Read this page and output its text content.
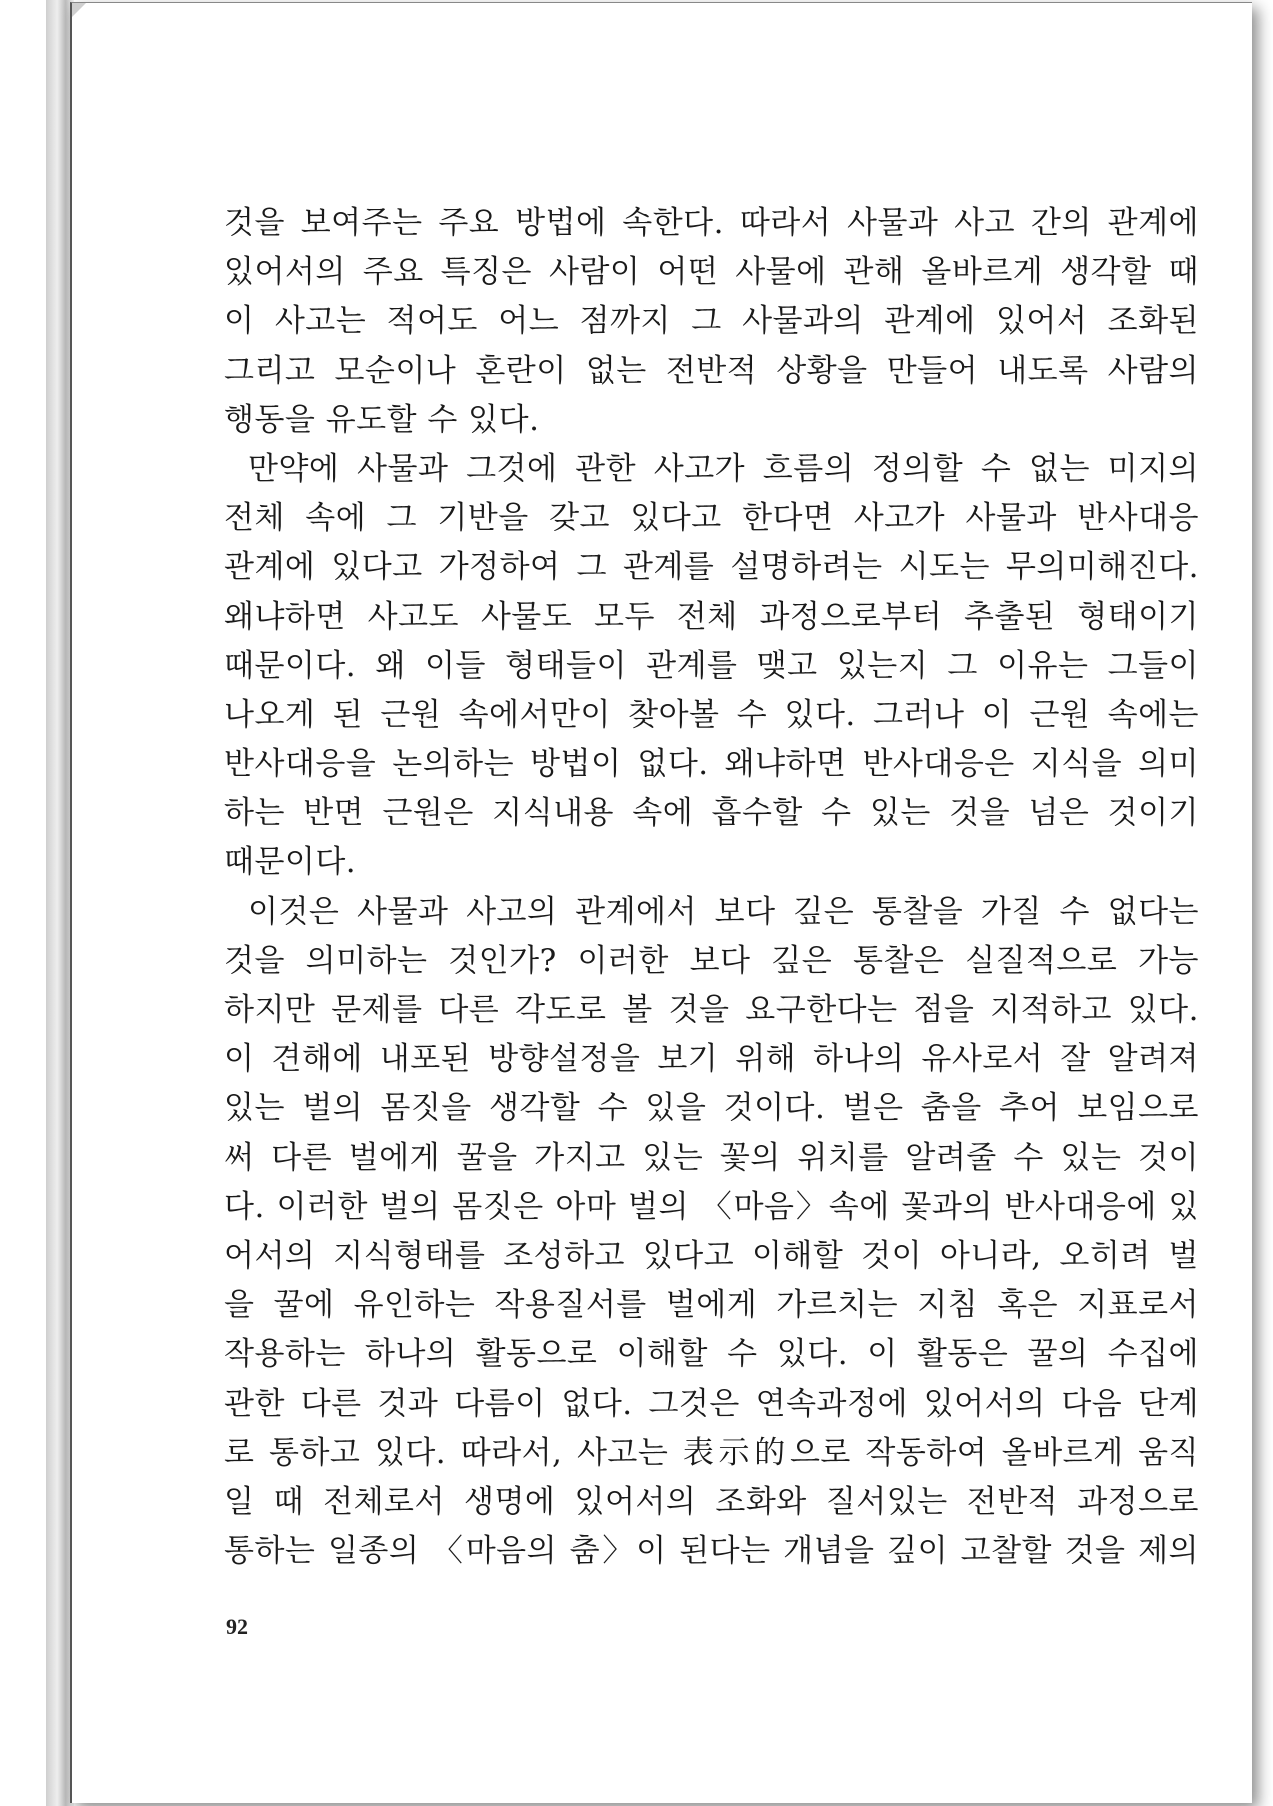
것을 보여주는 주요 방법에 속한다. 따라서 사물과 사고 간의 관계에
있어서의 주요 특징은 사람이 어떤 사물에 관해 올바르게 생각할 때
이 사고는 적어도 어느 점까지 그 사물과의 관계에 있어서 조화된
그리고 모순이나 혼란이 없는 전반적 상황을 만들어 내도록 사람의
행동을 유도할 수 있다.
만약에 사물과 그것에 관한 사고가 흐름의 정의할 수 없는 미지의
전체 속에 그 기반을 갖고 있다고 한다면 사고가 사물과 반사대응
관계에 있다고 가정하여 그 관계를 설명하려는 시도는 무의미해진다.
왜냐하면 사고도 사물도 모두 전체 과정으로부터 추출된 형태이기
때문이다. 왜 이들 형태들이 관계를 맺고 있는지 그 이유는 그들이
나오게 된 근원 속에서만이 찾아볼 수 있다. 그러나 이 근원 속에는
반사대응을 논의하는 방법이 없다. 왜냐하면 반사대응은 지식을 의미
하는 반면 근원은 지식내용 속에 흡수할 수 있는 것을 넘은 것이기
때문이다.
이것은 사물과 사고의 관계에서 보다 깊은 통찰을 가질 수 없다는
것을 의미하는 것인가? 이러한 보다 깊은 통찰은 실질적으로 가능
하지만 문제를 다른 각도로 볼 것을 요구한다는 점을 지적하고 있다.
이 견해에 내포된 방향설정을 보기 위해 하나의 유사로서 잘 알려져
있는 벌의 몸짓을 생각할 수 있을 것이다. 벌은 춤을 추어 보임으로
써 다른 벌에게 꿀을 가지고 있는 꽃의 위치를 알려줄 수 있는 것이
다. 이러한 벌의 몸짓은 아마 벌의 〈마음〉속에 꽃과의 반사대응에 있
어서의 지식형태를 조성하고 있다고 이해할 것이 아니라, 오히려 벌
을 꿀에 유인하는 작용질서를 벌에게 가르치는 지침 혹은 지표로서
작용하는 하나의 활동으로 이해할 수 있다. 이 활동은 꿀의 수집에
관한 다른 것과 다름이 없다. 그것은 연속과정에 있어서의 다음 단계
로 통하고 있다. 따라서, 사고는 表示的으로 작동하여 올바르게 움직
일 때 전체로서 생명에 있어서의 조화와 질서있는 전반적 과정으로
통하는 일종의 〈마음의 춤〉이 된다는 개념을 깊이 고찰할 것을 제의
92
